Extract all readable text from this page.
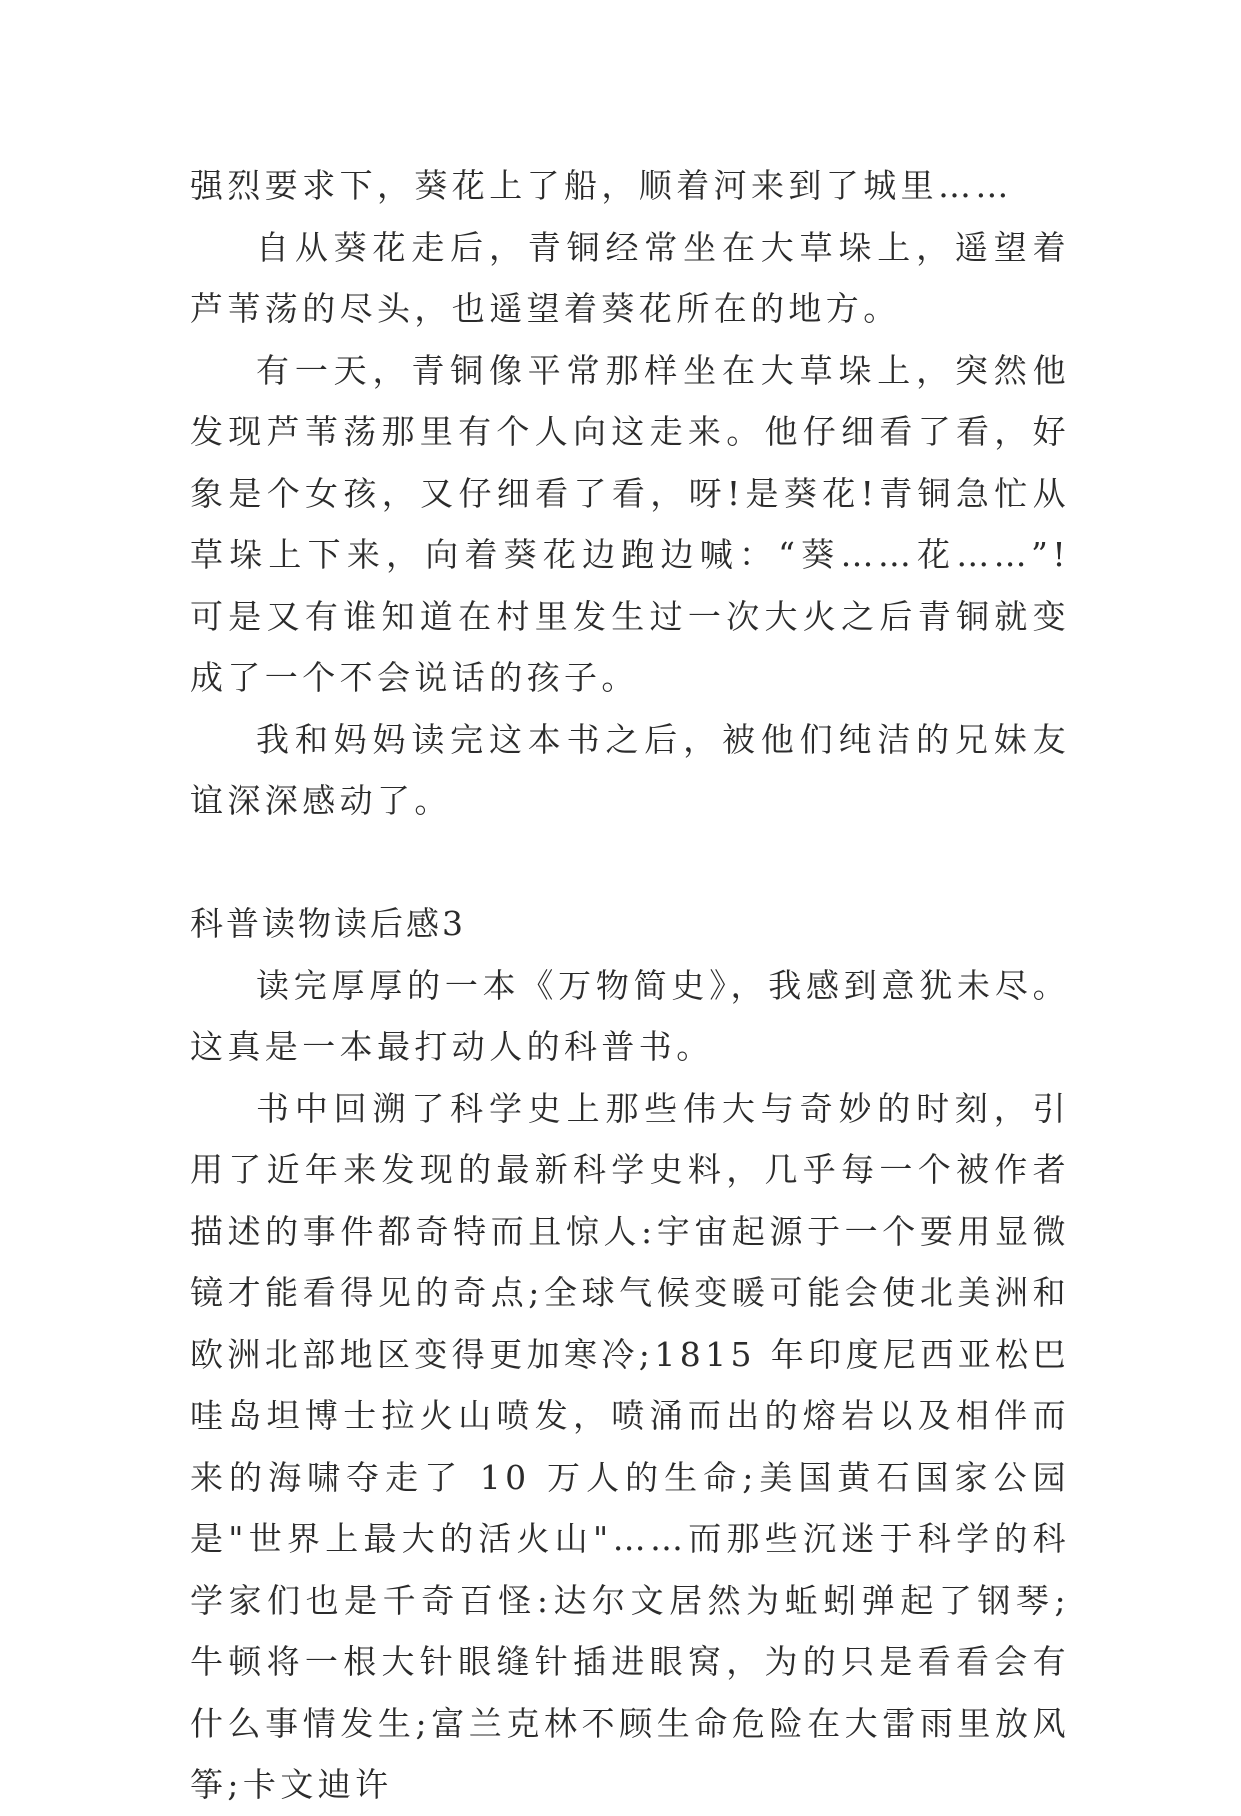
强烈要求下，葵花上了船，顺着河来到了城里……

自从葵花走后，青铜经常坐在大草垛上，遥望着芦苇荡的尽头，也遥望着葵花所在的地方。

有一天，青铜像平常那样坐在大草垛上，突然他发现芦苇荡那里有个人向这走来。他仔细看了看，好象是个女孩，又仔细看了看，呀!是葵花!青铜急忙从草垛上下来，向着葵花边跑边喊：“葵……花……”!可是又有谁知道在村里发生过一次大火之后青铜就变成了一个不会说话的孩子。

我和妈妈读完这本书之后，被他们纯洁的兄妹友谊深深感动了。

科普读物读后感3

读完厚厚的一本《万物简史》，我感到意犹未尽。这真是一本最打动人的科普书。

书中回溯了科学史上那些伟大与奇妙的时刻，引用了近年来发现的最新科学史料，几乎每一个被作者描述的事件都奇特而且惊人:宇宙起源于一个要用显微镜才能看得见的奇点;全球气候变暖可能会使北美洲和欧洲北部地区变得更加寒冷;1815 年印度尼西亚松巴哇岛坦博士拉火山喷发，喷涌而出的熔岩以及相伴而来的海啸夺走了 10 万人的生命;美国黄石国家公园是"世界上最大的活火山"……而那些沉迷于科学的科学家们也是千奇百怪:达尔文居然为蚯蚓弹起了钢琴;牛顿将一根大针眼缝针插进眼窝，为的只是看看会有什么事情发生;富兰克林不顾生命危险在大雷雨里放风筝;卡文迪许
